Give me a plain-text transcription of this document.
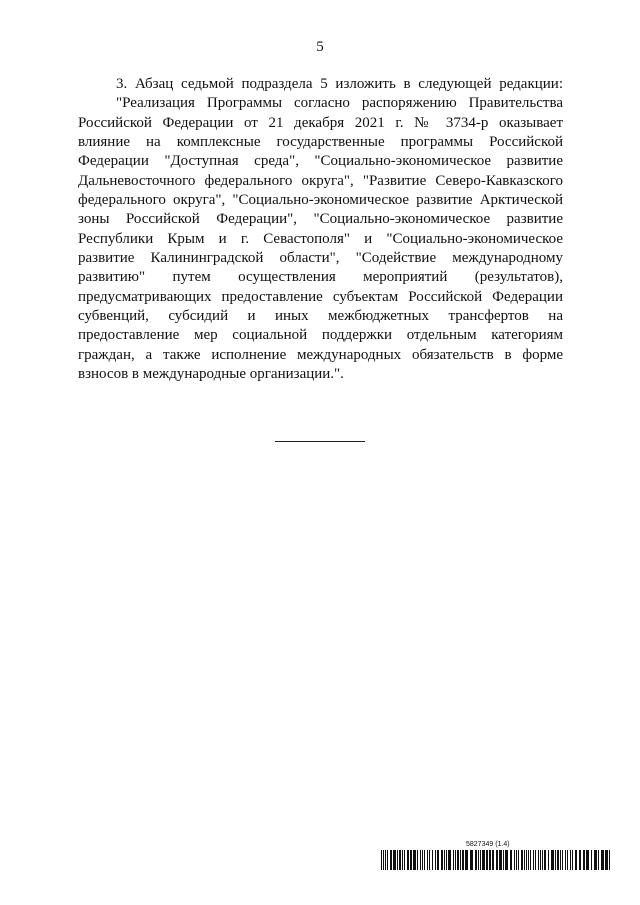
5
3. Абзац седьмой подраздела 5 изложить в следующей редакции:
"Реализация Программы согласно распоряжению Правительства
Российской Федерации от 21 декабря 2021 г. № 3734-р оказывает
влияние на комплексные государственные программы Российской
Федерации "Доступная среда", "Социально-экономическое развитие
Дальневосточного федерального округа", "Развитие Северо-Кавказского
федерального округа", "Социально-экономическое развитие Арктической
зоны Российской Федерации", "Социально-экономическое развитие
Республики Крым и г. Севастополя" и "Социально-экономическое
развитие Калининградской области", "Содействие международному
развитию" путем осуществления мероприятий (результатов),
предусматривающих предоставление субъектам Российской Федерации
субвенций, субсидий и иных межбюджетных трансфертов на
предоставление мер социальной поддержки отдельным категориям
граждан, а также исполнение международных обязательств в форме
взносов в международные организации.".
5827349 (1.4)
